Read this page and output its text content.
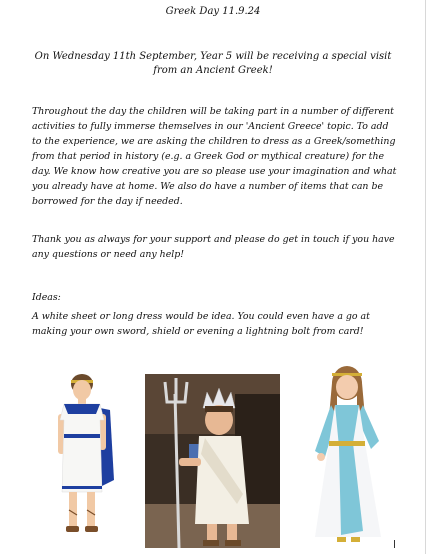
Greek Day 11.9.24
On Wednesday 11th September, Year 5 will be receiving a special visit from an Ancient Greek!
Throughout the day the children will be taking part in a number of different activities to fully immerse themselves in our 'Ancient Greece' topic. To add to the experience, we are asking the children to dress as a Greek/something from that period in history (e.g. a Greek God or mythical creature) for the day. We know how creative you are so please use your imagination and what you already have at home. We also do have a number of items that can be borrowed for the day if needed.
Thank you as always for your support and please do get in touch if you have any questions or need any help!
Ideas:
A white sheet or long dress would be idea. You could even have a go at making your own sword, shield or evening a lightning bolt from card!
